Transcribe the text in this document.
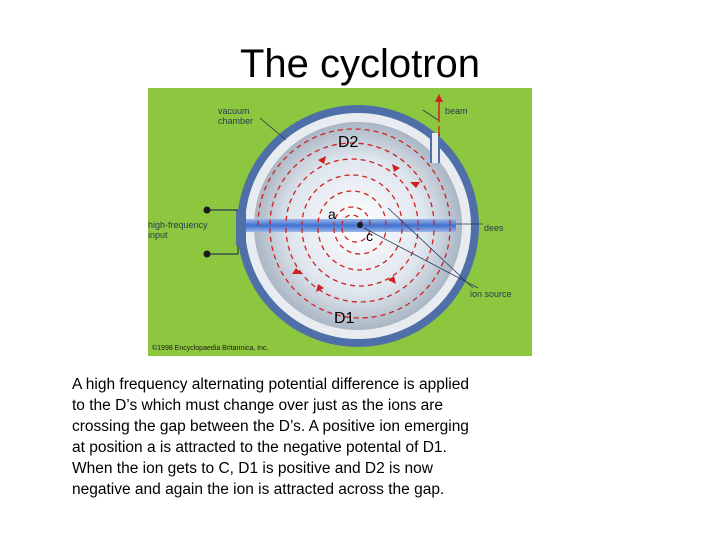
The cyclotron
vacuum chamber
beam
high-frequency input
dees
ion source
©1998 Encyclopaedia Britannica, Inc.
D2
D1
a
c

A high frequency alternating potential difference is applied

to the D’s which must change over just as the ions are

crossing the gap between the D’s. A positive ion emerging

at position a is attracted to the negative potental of D1.

When the ion gets to C, D1 is positive and D2 is now

negative and again the ion is attracted across the gap.
